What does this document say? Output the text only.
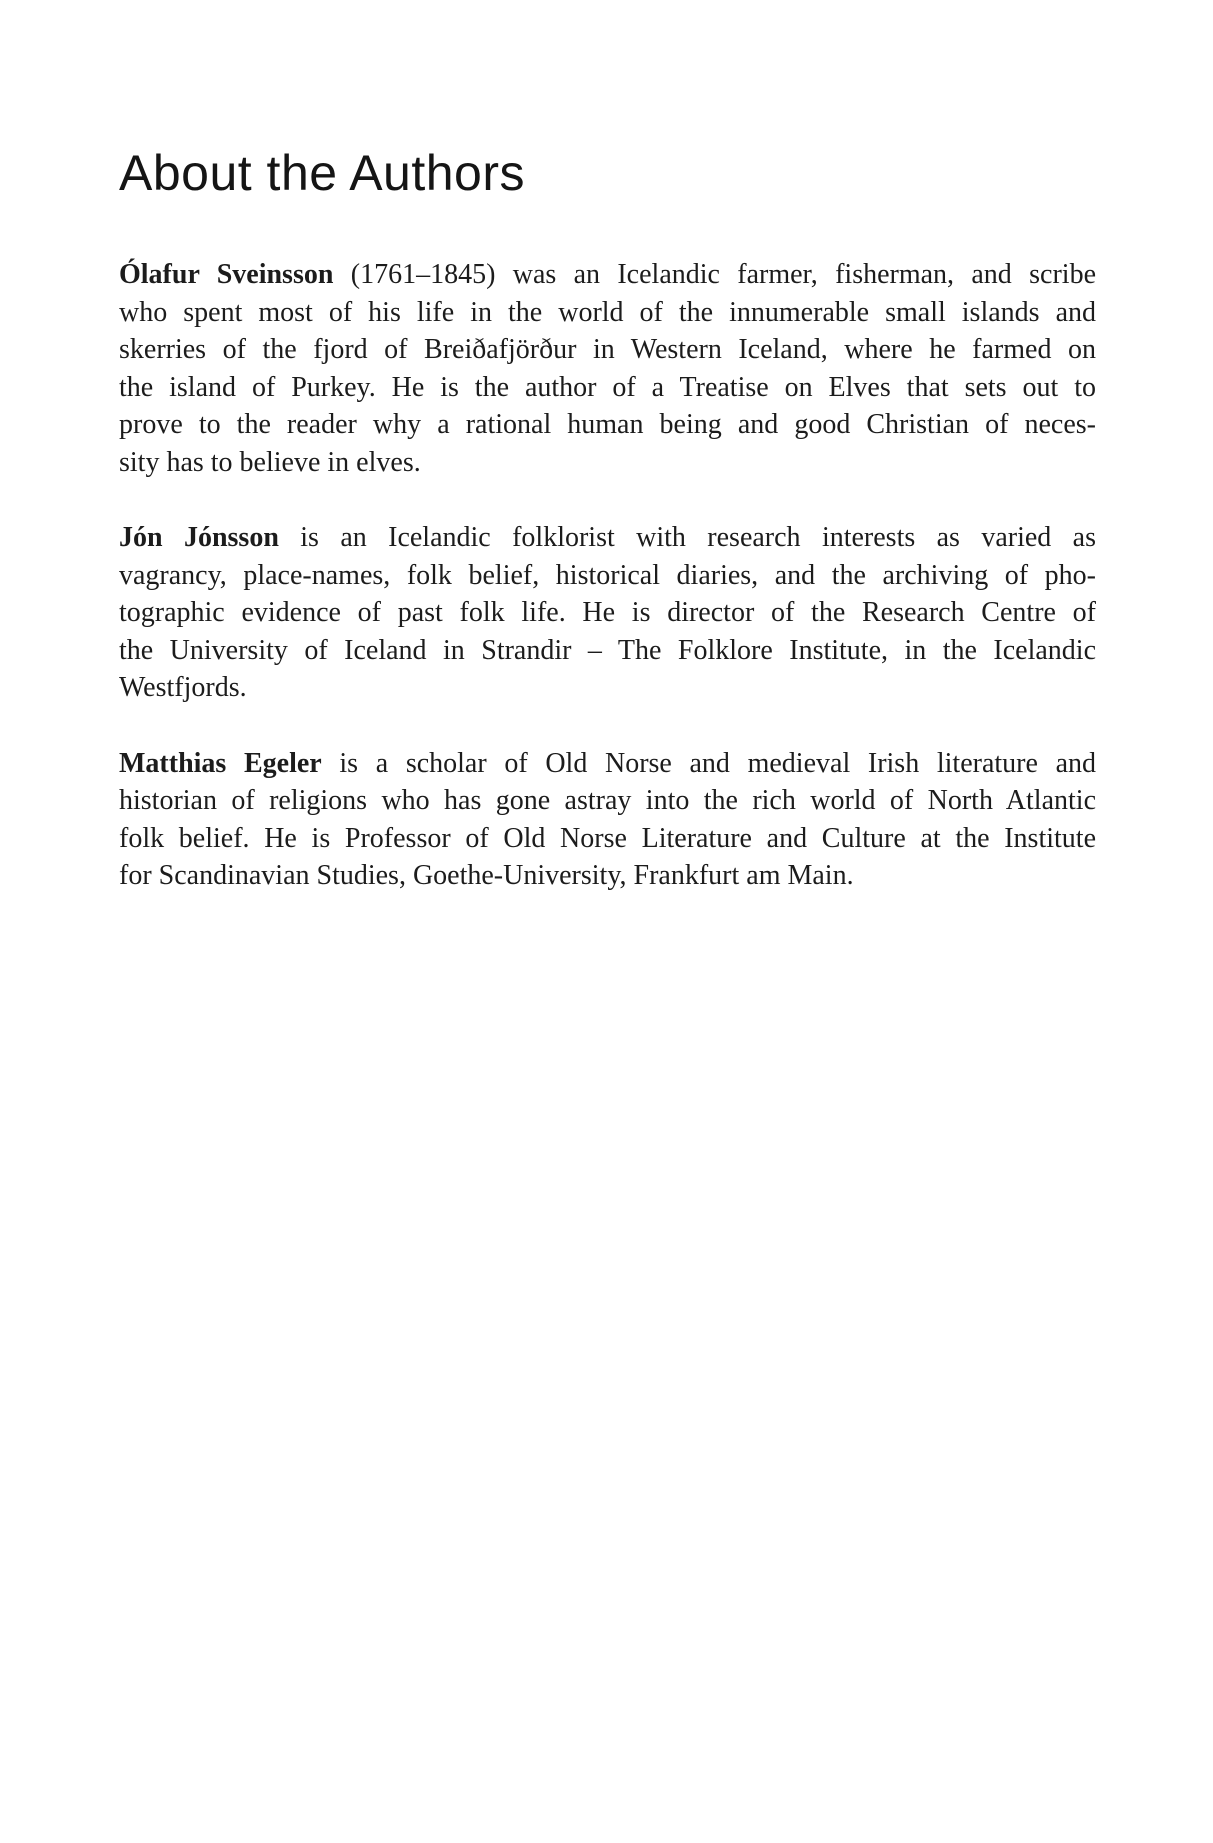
About the Authors
Ólafur Sveinsson (1761–1845) was an Icelandic farmer, fisherman, and scribe
who spent most of his life in the world of the innumerable small islands and
skerries of the fjord of Breiðafjörður in Western Iceland, where he farmed on
the island of Purkey. He is the author of a Treatise on Elves that sets out to
prove to the reader why a rational human being and good Christian of neces-
sity has to believe in elves.
Jón Jónsson is an Icelandic folklorist with research interests as varied as
vagrancy, place-names, folk belief, historical diaries, and the archiving of pho-
tographic evidence of past folk life. He is director of the Research Centre of
the University of Iceland in Strandir – The Folklore Institute, in the Icelandic
Westfjords.
Matthias Egeler is a scholar of Old Norse and medieval Irish literature and
historian of religions who has gone astray into the rich world of North Atlantic
folk belief. He is Professor of Old Norse Literature and Culture at the Institute
for Scandinavian Studies, Goethe-University, Frankfurt am Main.
